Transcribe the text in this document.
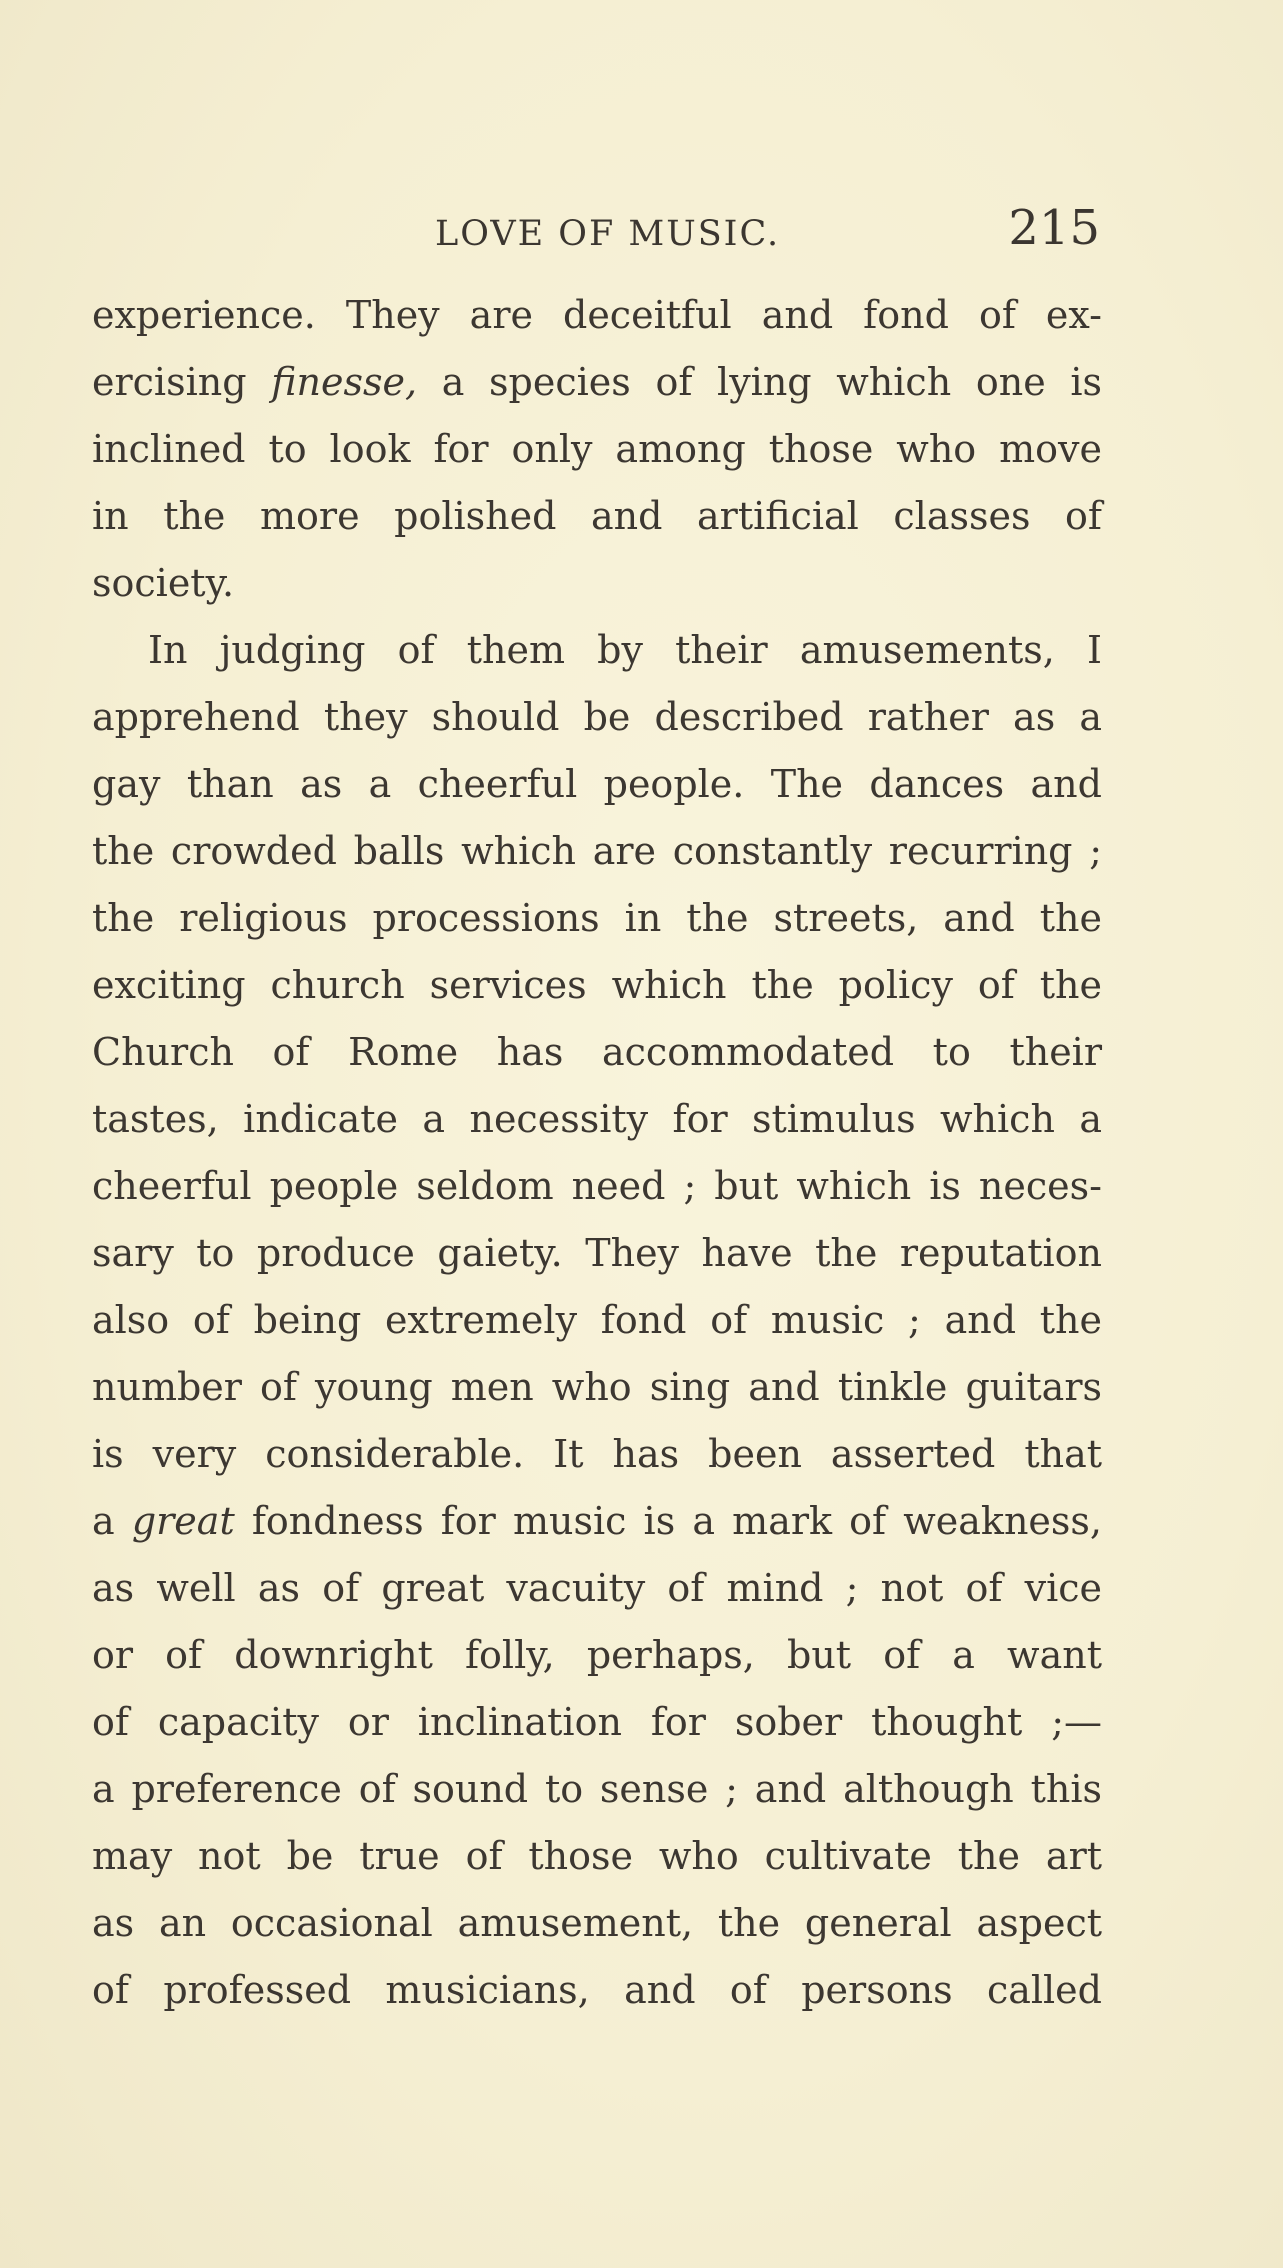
LOVE OF MUSIC.	215
experience. They are deceitful and fond of ex-
ercising finesse, a species of lying which one is
inclined to look for only among those who move
in the more polished and artificial classes of
society.
In judging of them by their amusements, I
apprehend they should be described rather as a
gay than as a cheerful people. The dances and
the crowded balls which are constantly recurring ;
the religious processions in the streets, and the
exciting church services which the policy of the
Church of Rome has accommodated to their
tastes, indicate a necessity for stimulus which a
cheerful people seldom need ; but which is neces-
sary to produce gaiety. They have the reputation
also of being extremely fond of music ; and the
number of young men who sing and tinkle guitars
is very considerable. It has been asserted that
a great fondness for music is a mark of weakness,
as well as of great vacuity of mind ; not of vice
or of downright folly, perhaps, but of a want
of capacity or inclination for sober thought ;—
a preference of sound to sense ; and although this
may not be true of those who cultivate the art
as an occasional amusement, the general aspect
of professed musicians, and of persons called
